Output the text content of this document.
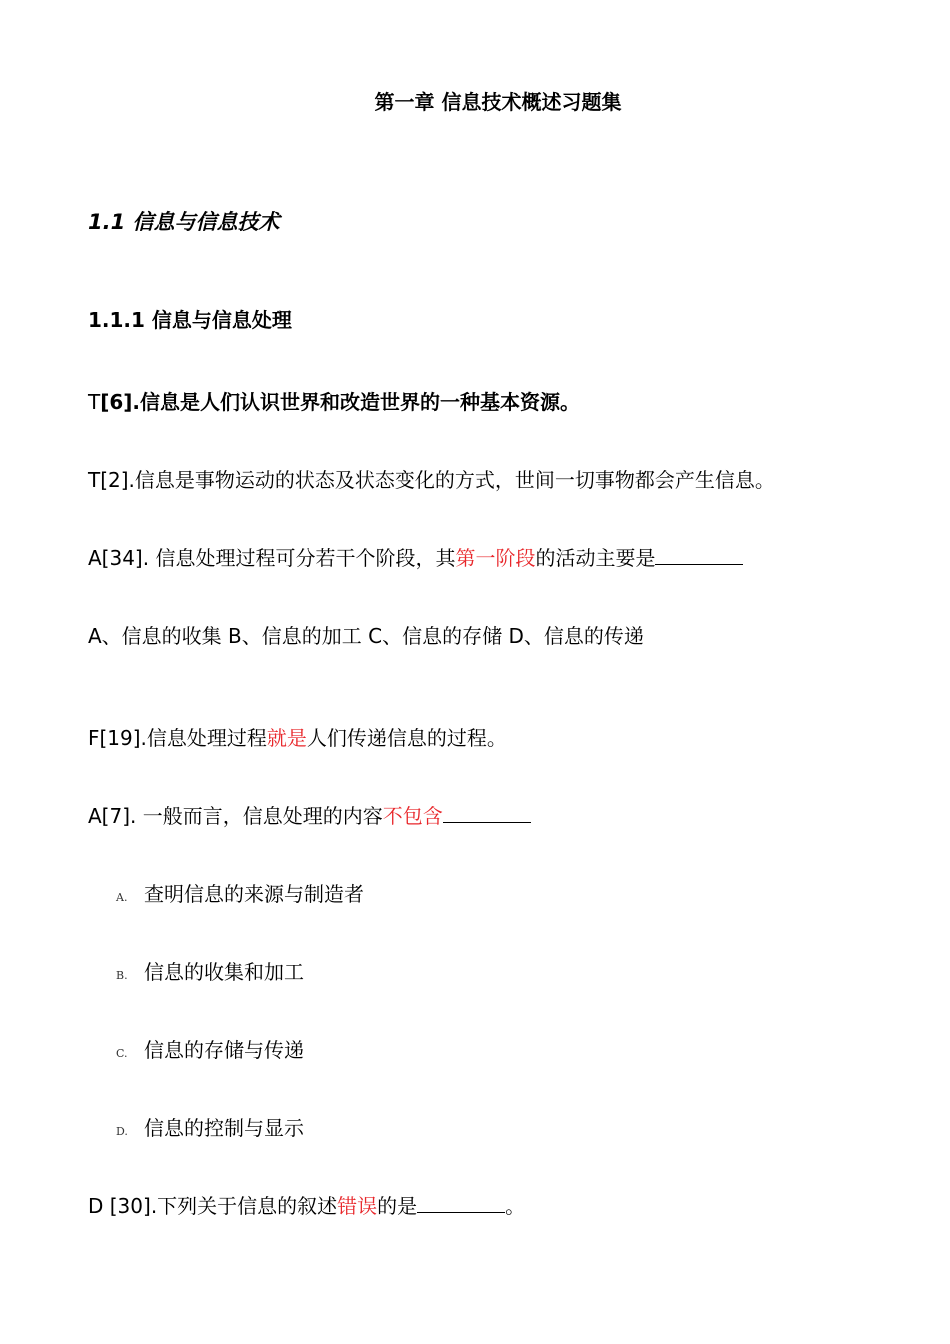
第一章 信息技术概述习题集
1.1 信息与信息技术
1.1.1 信息与信息处理
T[6].信息是人们认识世界和改造世界的一种基本资源。
T[2].信息是事物运动的状态及状态变化的方式，世间一切事物都会产生信息。
A[34]. 信息处理过程可分若干个阶段，其第一阶段的活动主要是
A、信息的收集 B、信息的加工 C、信息的存储 D、信息的传递
F[19].信息处理过程就是人们传递信息的过程。
A[7]. 一般而言，信息处理的内容不包含
A. 查明信息的来源与制造者
B. 信息的收集和加工
C. 信息的存储与传递
D. 信息的控制与显示
D [30].下列关于信息的叙述错误的是	。
